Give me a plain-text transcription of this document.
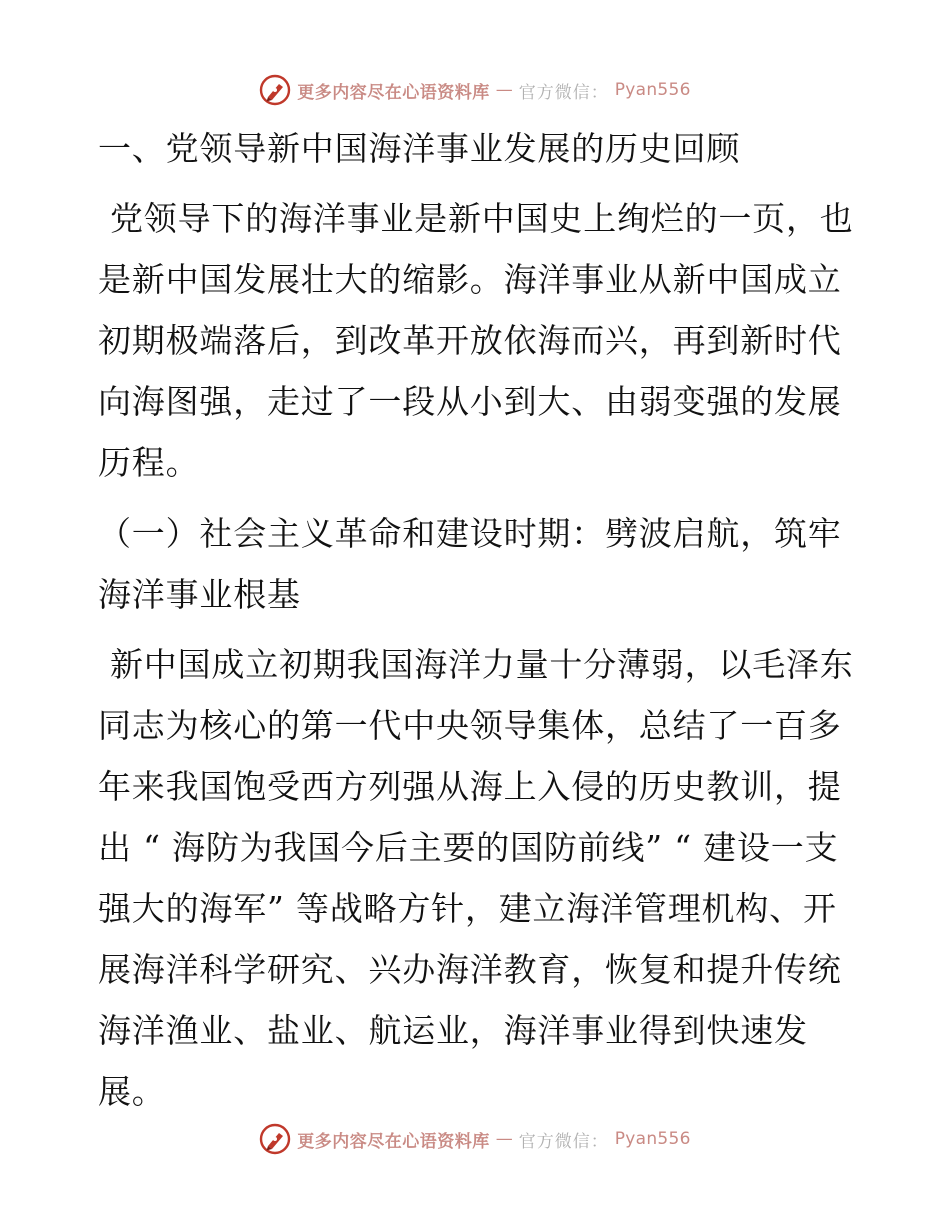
更多内容尽在心语资料库 — 官方微信： Pyan556

一、党领导新中国海洋事业发展的历史回顾

党领导下的海洋事业是新中国史上绚烂的一页，也是新中国发展壮大的缩影。海洋事业从新中国成立初期极端落后，到改革开放依海而兴，再到新时代向海图强，走过了一段从小到大、由弱变强的发展历程。

（一）社会主义革命和建设时期：劈波启航，筑牢海洋事业根基

新中国成立初期我国海洋力量十分薄弱，以毛泽东同志为核心的第一代中央领导集体，总结了一百多年来我国饱受西方列强从海上入侵的历史教训，提出 “ 海防为我国今后主要的国防前线” “ 建设一支强大的海军” 等战略方针，建立海洋管理机构、开展海洋科学研究、兴办海洋教育，恢复和提升传统海洋渔业、盐业、航运业，海洋事业得到快速发展。

更多内容尽在心语资料库 — 官方微信： Pyan556
